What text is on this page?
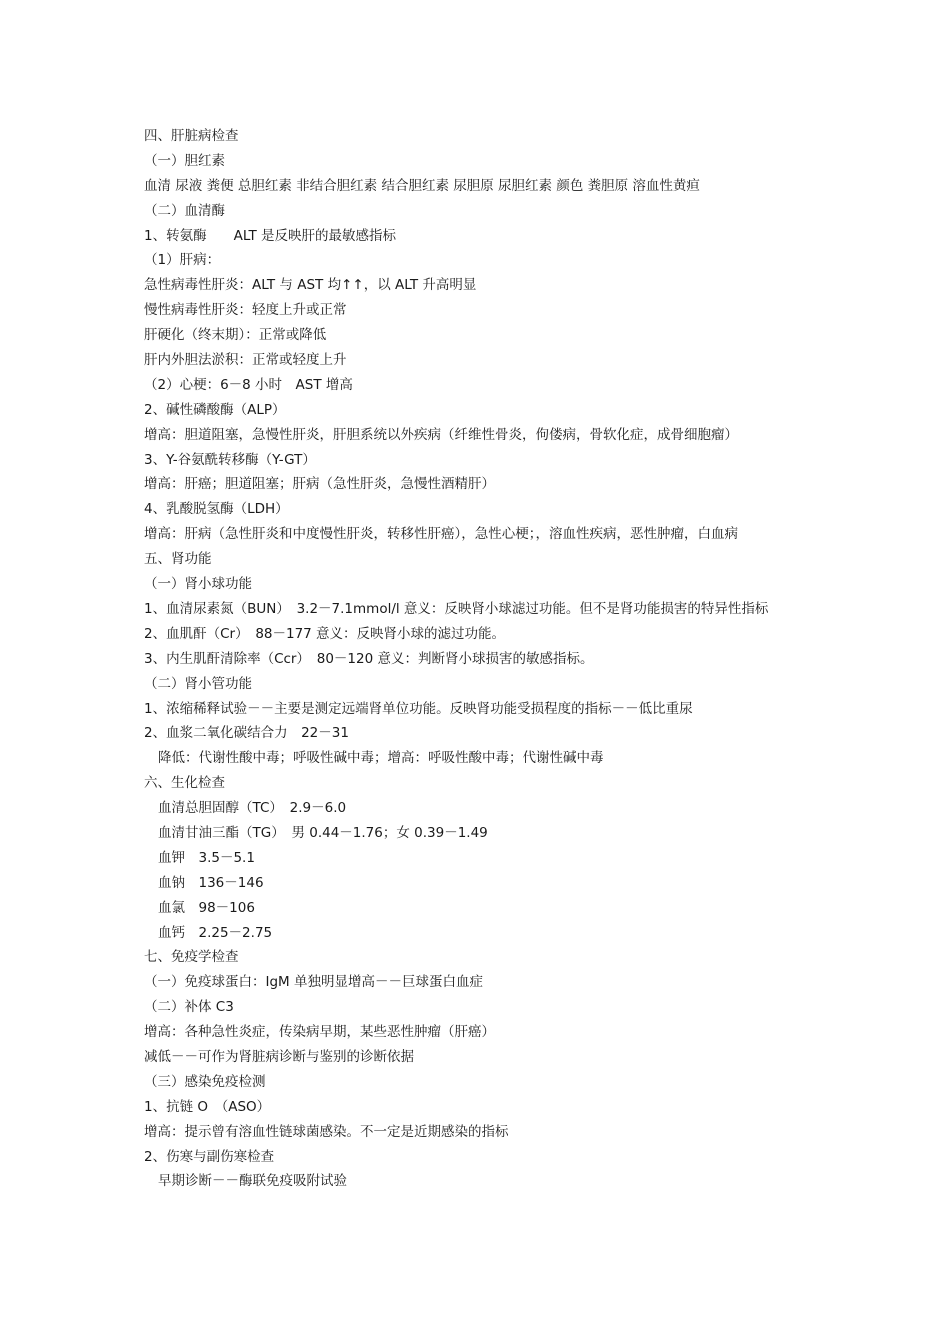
四、肝脏病检查
（一）胆红素
血清 尿液 粪便 总胆红素 非结合胆红素 结合胆红素 尿胆原 尿胆红素 颜色 粪胆原 溶血性黄疸
（二）血清酶
1、转氨酶　　ALT 是反映肝的最敏感指标
（1）肝病：
急性病毒性肝炎：ALT 与 AST 均↑↑，以 ALT 升高明显
慢性病毒性肝炎：轻度上升或正常
肝硬化（终末期）：正常或降低
肝内外胆法淤积：正常或轻度上升
（2）心梗：6－8 小时　AST 增高
2、碱性磷酸酶（ALP）
增高：胆道阻塞，急慢性肝炎，肝胆系统以外疾病（纤维性骨炎，佝偻病，骨软化症，成骨细胞瘤）
3、Y-谷氨酰转移酶（Y-GT）
增高：肝癌；胆道阻塞；肝病（急性肝炎，急慢性酒精肝）
4、乳酸脱氢酶（LDH）
增高：肝病（急性肝炎和中度慢性肝炎，转移性肝癌），急性心梗；，溶血性疾病，恶性肿瘤，白血病
五、肾功能
（一）肾小球功能
1、血清尿素氮（BUN）　3.2－7.1mmol/l 意义：反映肾小球滤过功能。但不是肾功能损害的特异性指标
2、血肌酐（Cr）　88－177 意义：反映肾小球的滤过功能。
3、内生肌酐清除率（Ccr）　80－120 意义：判断肾小球损害的敏感指标。
（二）肾小管功能
1、浓缩稀释试验－－主要是测定远端肾单位功能。反映肾功能受损程度的指标－－低比重尿
2、血浆二氧化碳结合力　22－31
降低：代谢性酸中毒；呼吸性碱中毒；增高：呼吸性酸中毒；代谢性碱中毒
六、生化检查
血清总胆固醇（TC）　2.9－6.0
血清甘油三酯（TG）　男 0.44－1.76；女 0.39－1.49
血钾　3.5－5.1
血钠　136－146
血氯　98－106
血钙　2.25－2.75
七、免疫学检查
（一）免疫球蛋白：IgM 单独明显增高－－巨球蛋白血症
（二）补体 C3
增高：各种急性炎症，传染病早期，某些恶性肿瘤（肝癌）
减低－－可作为肾脏病诊断与鉴别的诊断依据
（三）感染免疫检测
1、抗链 O　（ASO）
增高：提示曾有溶血性链球菌感染。不一定是近期感染的指标
2、伤寒与副伤寒检查
早期诊断－－酶联免疫吸附试验
